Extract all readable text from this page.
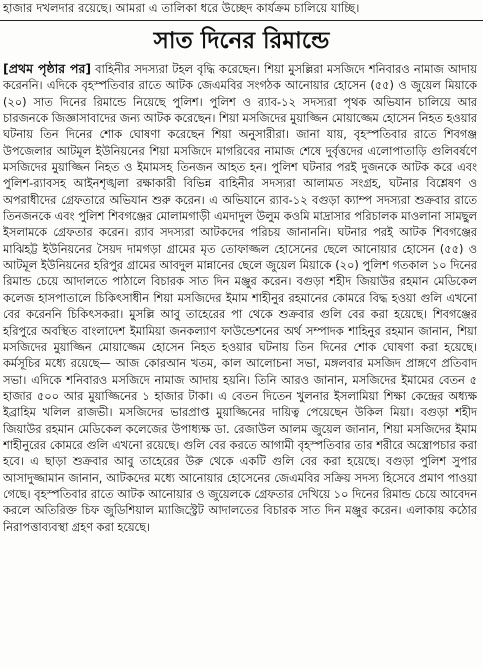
হাজার দখলদার রয়েছে। আমরা এ তালিকা ধরে উচ্ছেদ কার্যক্রম চালিয়ে যাচ্ছি।
সাত দিনের রিমান্ডে
[প্রথম পৃষ্ঠার পর] বাহিনীর সদস্যরা টহল বৃদ্ধি করেছেন। শিয়া মুসল্লিরা মসজিদে শনিবারও নামাজ আদায় করেননি। এদিকে বৃহস্পতিবার রাতে আটক জেএমবির সংগঠক আনোয়ার হোসেন (৫৫) ও জুয়েল মিয়াকে (২০) সাত দিনের রিমান্ডে নিয়েছে পুলিশ। পুলিশ ও র‍্যাব-১২ সদস্যরা পৃথক অভিযান চালিয়ে আর চারজনকে জিজ্ঞাসাবাদের জন্য আটক করেছেন। শিয়া মসজিদের মুয়াজ্জিন মোয়াজ্জেম হোসেন নিহত হওয়ার ঘটনায় তিন দিনের শোক ঘোষণা করেছেন শিয়া অনুসারীরা। জানা যায়, বৃহস্পতিবার রাতে শিবগঞ্জ উপজেলার আটমূল ইউনিয়নের শিয়া মসজিদে মাগরিবের নামাজ শেষে দুর্বৃত্তদের এলোপাতাড়ি গুলিবর্ষণে মসজিদের মুয়াজ্জিন নিহত ও ইমামসহ তিনজন আহত হন। পুলিশ ঘটনার পরই দুজনকে আটক করে এবং পুলিশ-র‍্যাবসহ আইনশৃঙ্খলা রক্ষাকারী বিভিন্ন বাহিনীর সদস্যরা আলামত সংগ্রহ, ঘটনার বিশ্লেষণ ও অপরাধীদের গ্রেফতারে অভিযান শুরু করেন। এ অভিযানে র‍্যাব-১২ বগুড়া ক্যাম্প সদস্যরা শুক্রবার রাতে তিনজনকে এবং পুলিশ শিবগঞ্জের মোলামগাড়ী এমদাদুল উলুম কওমি মাদ্রাসার পরিচালক মাওলানা সামছুল ইসলামকে গ্রেফতার করেন। র‍্যাব সদস্যরা আটকদের পরিচয় জানাননি। ঘটনার পরই আটক শিবগঞ্জের মাঝিহট্ট ইউনিয়নের সৈয়দ দামগড়া গ্রামের মৃত তোফাজ্জল হোসেনের ছেলে আনোয়ার হোসেন (৫৫) ও আটমূল ইউনিয়নের হরিপুর গ্রামের আবদুল মান্নানের ছেলে জুয়েল মিয়াকে (২০) পুলিশ গতকাল ১০ দিনের রিমান্ড চেয়ে আদালতে পাঠালে বিচারক সাত দিন মঞ্জুর করেন। বগুড়া শহীদ জিয়াউর রহমান মেডিকেল কলেজ হাসপাতালে চিকিৎসাধীন শিয়া মসজিদের ইমাম শাহীনুর রহমানের কোমরে বিদ্ধ হওয়া গুলি এখনো বের করেননি চিকিৎসকরা। মুসল্লি আবু তাহেরের পা থেকে শুক্রবার গুলি বের করা হয়েছে। শিবগঞ্জের হরিপুরে অবস্থিত বাংলাদেশ ইমামিয়া জনকল্যাণ ফাউন্ডেশনের অর্থ সম্পাদক শাহিনুর রহমান জানান, শিয়া মসজিদের মুয়াজ্জিন মোয়াজ্জেম হোসেন নিহত হওয়ার ঘটনায় তিন দিনের শোক ঘোষণা করা হয়েছে। কর্মসূচির মধ্যে রয়েছে— আজ কোরআন খতম, কাল আলোচনা সভা, মঙ্গলবার মসজিদ প্রাঙ্গণে প্রতিবাদ সভা। এদিকে শনিবারও মসজিদে নামাজ আদায় হয়নি। তিনি আরও জানান, মসজিদের ইমামের বেতন ৫ হাজার ৫০০ আর মুয়াজ্জিনের ১ হাজার টাকা। এ বেতন দিতেন খুলনার ইসলামিয়া শিক্ষা কেন্দ্রের অধ্যক্ষ ইব্রাহিম খলিল রাজভী। মসজিদের ভারপ্রাপ্ত মুয়াজ্জিনের দায়িত্ব পেয়েছেন উকিল মিয়া। বগুড়া শহীদ জিয়াউর রহমান মেডিকেল কলেজের উপাধ্যক্ষ ডা. রেজাউল আলম জুয়েল জানান, শিয়া মসজিদের ইমাম শাহীনুরের কোমরে গুলি এখনো রয়েছে। গুলি বের করতে আগামী বৃহস্পতিবার তার শরীরে অস্ত্রোপচার করা হবে। এ ছাড়া শুক্রবার আবু তাহেরের উরু থেকে একটি গুলি বের করা হয়েছে। বগুড়া পুলিশ সুপার আসাদুজ্জামান জানান, আটকদের মধ্যে আনোয়ার হোসেনের জেএমবির সক্রিয় সদস্য হিসেবে প্রমাণ পাওয়া গেছে। বৃহস্পতিবার রাতে আটক আনোয়ার ও জুয়েলকে গ্রেফতার দেখিয়ে ১০ দিনের রিমান্ড চেয়ে আবেদন করলে অতিরিক্ত চিফ জুডিশিয়াল ম্যাজিস্ট্রেট আদালতের বিচারক সাত দিন মঞ্জুর করেন। এলাকায় কঠোর নিরাপত্তাব্যবস্থা গ্রহণ করা হয়েছে।
